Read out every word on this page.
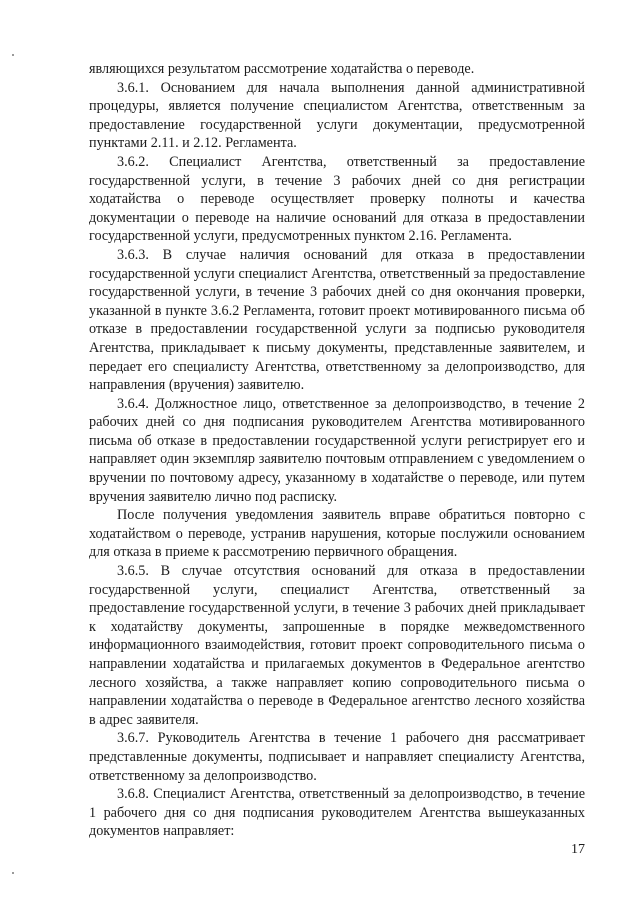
являющихся результатом рассмотрение ходатайства о переводе.

3.6.1. Основанием для начала выполнения данной административной процедуры, является получение специалистом Агентства, ответственным за предоставление государственной услуги документации, предусмотренной пунктами 2.11. и 2.12. Регламента.

3.6.2. Специалист Агентства, ответственный за предоставление государственной услуги, в течение 3 рабочих дней со дня регистрации ходатайства о переводе осуществляет проверку полноты и качества документации о переводе на наличие оснований для отказа в предоставлении государственной услуги, предусмотренных пунктом 2.16. Регламента.

3.6.3. В случае наличия оснований для отказа в предоставлении государственной услуги специалист Агентства, ответственный за предоставление государственной услуги, в течение 3 рабочих дней со дня окончания проверки, указанной в пункте 3.6.2 Регламента, готовит проект мотивированного письма об отказе в предоставлении государственной услуги за подписью руководителя Агентства, прикладывает к письму документы, представленные заявителем, и передает его специалисту Агентства, ответственному за делопроизводство, для направления (вручения) заявителю.

3.6.4. Должностное лицо, ответственное за делопроизводство, в течение 2 рабочих дней со дня подписания руководителем Агентства мотивированного письма об отказе в предоставлении государственной услуги регистрирует его и направляет один экземпляр заявителю почтовым отправлением с уведомлением о вручении по почтовому адресу, указанному в ходатайстве о переводе, или путем вручения заявителю лично под расписку.

После получения уведомления заявитель вправе обратиться повторно с ходатайством о переводе, устранив нарушения, которые послужили основанием для отказа в приеме к рассмотрению первичного обращения.

3.6.5. В случае отсутствия оснований для отказа в предоставлении государственной услуги, специалист Агентства, ответственный за предоставление государственной услуги, в течение 3 рабочих дней прикладывает к ходатайству документы, запрошенные в порядке межведомственного информационного взаимодействия, готовит проект сопроводительного письма о направлении ходатайства и прилагаемых документов в Федеральное агентство лесного хозяйства, а также направляет копию сопроводительного письма о направлении ходатайства о переводе в Федеральное агентство лесного хозяйства в адрес заявителя.

3.6.7. Руководитель Агентства в течение 1 рабочего дня рассматривает представленные документы, подписывает и направляет специалисту Агентства, ответственному за делопроизводство.

3.6.8. Специалист Агентства, ответственный за делопроизводство, в течение 1 рабочего дня со дня подписания руководителем Агентства вышеуказанных документов направляет:

17
